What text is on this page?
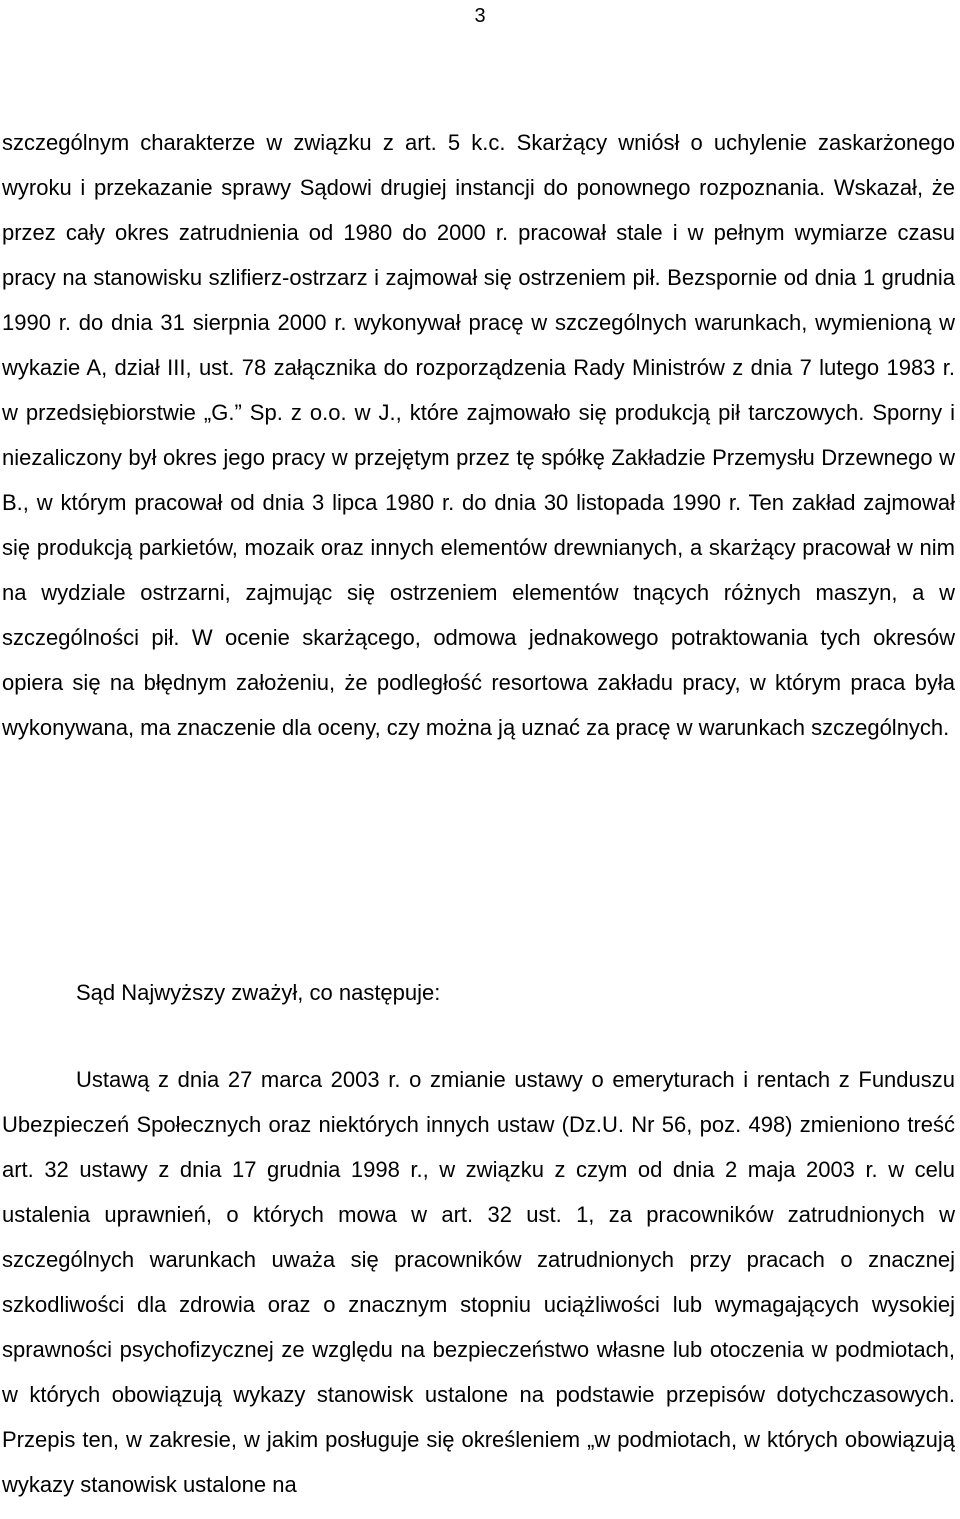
3

szczególnym charakterze w związku z art. 5 k.c. Skarżący wniósł o uchylenie zaskarżonego wyroku i przekazanie sprawy Sądowi drugiej instancji do ponownego rozpoznania. Wskazał, że przez cały okres zatrudnienia od 1980 do 2000 r. pracował stale i w pełnym wymiarze czasu pracy na stanowisku szlifierz-ostrzarz i zajmował się ostrzeniem pił. Bezspornie od dnia 1 grudnia 1990 r. do dnia 31 sierpnia 2000 r. wykonywał pracę w szczególnych warunkach, wymienioną w wykazie A, dział III, ust. 78 załącznika do rozporządzenia Rady Ministrów z dnia 7 lutego 1983 r. w przedsiębiorstwie „G.” Sp. z o.o. w J., które zajmowało się produkcją pił tarczowych. Sporny i niezaliczony był okres jego pracy w przejętym przez tę spółkę Zakładzie Przemysłu Drzewnego w B., w którym pracował od dnia 3 lipca 1980 r. do dnia 30 listopada 1990 r. Ten zakład zajmował się produkcją parkietów, mozaik oraz innych elementów drewnianych, a skarżący pracował w nim na wydziale ostrzarni, zajmując się ostrzeniem elementów tnących różnych maszyn, a w szczególności pił. W ocenie skarżącego, odmowa jednakowego potraktowania tych okresów opiera się na błędnym założeniu, że podległość resortowa zakładu pracy, w którym praca była wykonywana, ma znaczenie dla oceny, czy można ją uznać za pracę w warunkach szczególnych.

Sąd Najwyższy zważył, co następuje:

Ustawą z dnia 27 marca 2003 r. o zmianie ustawy o emeryturach i rentach z Funduszu Ubezpieczeń Społecznych oraz niektórych innych ustaw (Dz.U. Nr 56, poz. 498) zmieniono treść art. 32 ustawy z dnia 17 grudnia 1998 r., w związku z czym od dnia 2 maja 2003 r. w celu ustalenia uprawnień, o których mowa w art. 32 ust. 1, za pracowników zatrudnionych w szczególnych warunkach uważa się pracowników zatrudnionych przy pracach o znacznej szkodliwości dla zdrowia oraz o znacznym stopniu uciążliwości lub wymagających wysokiej sprawności psychofizycznej ze względu na bezpieczeństwo własne lub otoczenia w podmiotach, w których obowiązują wykazy stanowisk ustalone na podstawie przepisów dotychczasowych. Przepis ten, w zakresie, w jakim posługuje się określeniem „w podmiotach, w których obowiązują wykazy stanowisk ustalone na
